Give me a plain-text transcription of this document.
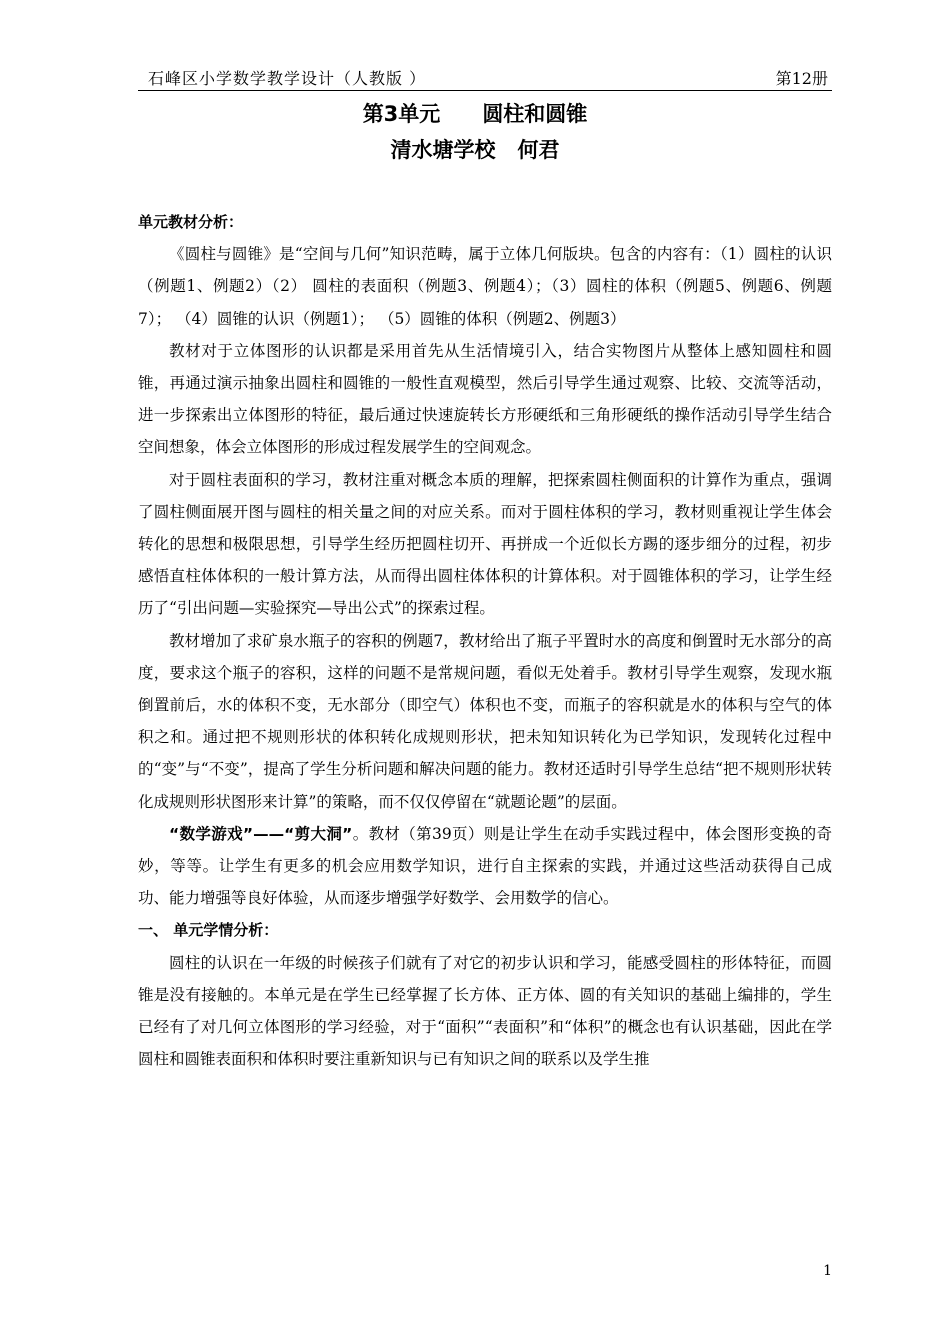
石峰区小学数学教学设计（人教版 ）	第12册
第3单元 圆柱和圆锥
清水塘学校 何君

单元教材分析：

《圆柱与圆锥》是“空间与几何”知识范畴，属于立体几何版块。包含的内容有：（1）圆柱的认识（例题1、例题2）（2） 圆柱的表面积（例题3、例题4）；（3）圆柱的体积（例题5、例题6、例题7）； （4）圆锥的认识（例题1）； （5）圆锥的体积（例题2、例题3）

教材对于立体图形的认识都是采用首先从生活情境引入，结合实物图片从整体上感知圆柱和圆锥，再通过演示抽象出圆柱和圆锥的一般性直观模型，然后引导学生通过观察、比较、交流等活动，进一步探索出立体图形的特征，最后通过快速旋转长方形硬纸和三角形硬纸的操作活动引导学生结合空间想象，体会立体图形的形成过程发展学生的空间观念。

对于圆柱表面积的学习，教材注重对概念本质的理解，把探索圆柱侧面积的计算作为重点，强调了圆柱侧面展开图与圆柱的相关量之间的对应关系。而对于圆柱体积的学习，教材则重视让学生体会转化的思想和极限思想，引导学生经历把圆柱切开、再拼成一个近似长方踢的逐步细分的过程，初步感悟直柱体体积的一般计算方法，从而得出圆柱体体积的计算体积。对于圆锥体积的学习，让学生经历了“引出问题—实验探究—导出公式”的探索过程。

教材增加了求矿泉水瓶子的容积的例题7，教材给出了瓶子平置时水的高度和倒置时无水部分的高度，要求这个瓶子的容积，这样的问题不是常规问题，看似无处着手。教材引导学生观察，发现水瓶倒置前后，水的体积不变，无水部分（即空气）体积也不变，而瓶子的容积就是水的体积与空气的体积之和。通过把不规则形状的体积转化成规则形状，把未知知识转化为已学知识，发现转化过程中的“变”与“不变”，提高了学生分析问题和解决问题的能力。教材还适时引导学生总结“把不规则形状转化成规则形状图形来计算”的策略，而不仅仅停留在“就题论题”的层面。

“数学游戏”——“剪大洞”。教材（第39页）则是让学生在动手实践过程中，体会图形变换的奇妙，等等。让学生有更多的机会应用数学知识，进行自主探索的实践，并通过这些活动获得自己成功、能力增强等良好体验，从而逐步增强学好数学、会用数学的信心。

一、 单元学情分析：

圆柱的认识在一年级的时候孩子们就有了对它的初步认识和学习，能感受圆柱的形体特征，而圆锥是没有接触的。本单元是在学生已经掌握了长方体、正方体、圆的有关知识的基础上编排的，学生已经有了对几何立体图形的学习经验，对于“面积”“表面积”和“体积”的概念也有认识基础，因此在学圆柱和圆锥表面积和体积时要注重新知识与已有知识之间的联系以及学生推

1
